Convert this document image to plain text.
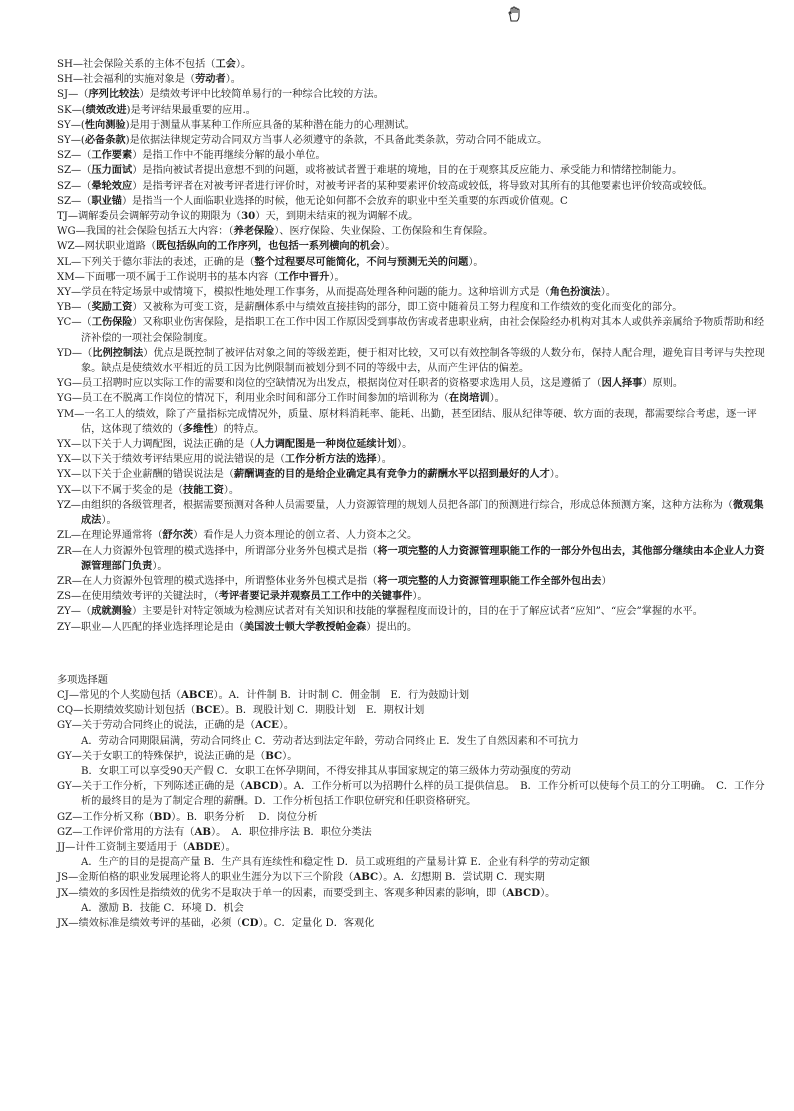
SH—社会保险关系的主体不包括（工会）。

SH—社会福利的实施对象是（劳动者）。

SJ—（序列比较法）是绩效考评中比较简单易行的一种综合比较的方法。

SK—(绩效改进)是考评结果最重要的应用.。

SY—(性向测验)是用于测量从事某种工作所应具备的某种潜在能力的心理测试。

SY—(必备条款)是依据法律规定劳动合同双方当事人必须遵守的条款，不具备此类条款，劳动合同不能成立。

SZ—（工作要素）是指工作中不能再继续分解的最小单位。

SZ—（压力面试）是指向被试者提出意想不到的问题，或将被试者置于难堪的境地，目的在于观察其反应能力、承受能力和情绪控制能力。

SZ—（晕轮效应）是指考评者在对被考评者进行评价时，对被考评者的某种要素评价较高或较低，将导致对其所有的其他要素也评价较高或较低。

SZ—（职业锚）是指当一个人面临职业选择的时候，他无论如何都不会放弃的职业中至关重要的东西或价值观。C

TJ—调解委员会调解劳动争议的期限为（30）天，到期未结束的视为调解不成。

WG—我国的社会保险包括五大内容：（养老保险）、医疗保险、失业保险、工伤保险和生育保险。

WZ—网状职业道路（既包括纵向的工作序列，也包括一系列横向的机会）。

XL—下列关于德尔菲法的表述，正确的是（整个过程要尽可能简化，不问与预测无关的问题）。

XM—下面哪一项不属于工作说明书的基本内容（工作中晋升）。

XY—学员在特定场景中或情境下，模拟性地处理工作事务，从而提高处理各种问题的能力。这种培训方式是（角色扮演法）。

YB—（奖励工资）又被称为可变工资，是薪酬体系中与绩效直接挂钩的部分，即工资中随着员工努力程度和工作绩效的变化而变化的部分。

YC—（工伤保险）又称职业伤害保险，是指职工在工作中因工作原因受到事故伤害或者患职业病，由社会保险经办机构对其本人或供养亲属给予物质帮助和经济补偿的一项社会保险制度。

YD—（比例控制法）优点是既控制了被评估对象之间的等级差距，便于相对比较，又可以有效控制各等级的人数分布，保持人配合理，避免盲目考评与失控现象。缺点是使绩效水平相近的员工因为比例限制而被划分到不同的等级中去，从而产生评估的偏差。

YG—员工招聘时应以实际工作的需要和岗位的空缺情况为出发点，根据岗位对任职者的资格要求选用人员，这是遵循了（因人择事）原则。

YG—员工在不脱离工作岗位的情况下，利用业余时间和部分工作时间参加的培训称为（在岗培训）。

YM—一名工人的绩效，除了产量指标完成情况外，质量、原材料消耗率、能耗、出勤，甚至团结、服从纪律等硬、软方面的表现，都需要综合考虑，逐一评估，这体现了绩效的（多维性）的特点。

YX—以下关于人力调配图，说法正确的是（人力调配图是一种岗位延续计划）。

YX—以下关于绩效考评结果应用的说法错误的是（工作分析方法的选择）。

YX—以下关于企业薪酬的错误说法是（薪酬调查的目的是给企业确定具有竞争力的薪酬水平以招到最好的人才）。

YX—以下不属于奖金的是（技能工资）。

YZ—由组织的各级管理者，根据需要预测对各种人员需要量，人力资源管理的规划人员把各部门的预测进行综合，形成总体预测方案，这种方法称为（微观集成法）。

ZL—在理论界通常将（舒尔茨）看作是人力资本理论的创立者、人力资本之父。

ZR—在人力资源外包管理的模式选择中，所谓部分业务外包模式是指（将一项完整的人力资源管理职能工作的一部分外包出去，其他部分继续由本企业人力资源管理部门负责）。

ZR—在人力资源外包管理的模式选择中，所谓整体业务外包模式是指（将一项完整的人力资源管理职能工作全部外包出去）

ZS—在使用绩效考评的关键法时，（考评者要记录并观察员工工作中的关键事件）。

ZY—（成就测验）主要是针对特定领域为检测应试者对有关知识和技能的掌握程度而设计的，目的在于了解应试者“应知”、“应会”掌握的水平。

ZY—职业—人匹配的择业选择理论是由（美国波士顿大学教授帕金森）提出的。

多项选择题

CJ—常见的个人奖励包括（ABCE）。A．计件制 B．计时制 C．佣金制　E．行为鼓励计划

CQ—长期绩效奖励计划包括（BCE）。B．现股计划 C．期股计划　E．期权计划

GY—关于劳动合同终止的说法，正确的是（ACE）。

A．劳动合同期限届满，劳动合同终止 C．劳动者达到法定年龄，劳动合同终止 E．发生了自然因素和不可抗力

GY—关于女职工的特殊保护，说法正确的是（BC）。

B．女职工可以享受90天产假 C．女职工在怀孕期间，不得安排其从事国家规定的第三级体力劳动强度的劳动

GY—关于工作分析，下列陈述正确的是（ABCD）。A．工作分析可以为招聘什么样的员工提供信息。　B．工作分析可以使每个员工的分工明确。　C．工作分析的最终目的是为了制定合理的薪酬。D．工作分析包括工作职位研究和任职资格研究。

GZ—工作分析又称（BD）。B．职务分析　 D．岗位分析

GZ—工作评价常用的方法有（AB）。　A．职位排序法 B．职位分类法

JJ—计件工资制主要适用于（ABDE）。

A．生产的目的是提高产量 B．生产具有连续性和稳定性 D．员工或班组的产量易计算 E．企业有科学的劳动定额

JS—金斯伯格的职业发展理论将人的职业生涯分为以下三个阶段（ABC）。A．幻想期 B．尝试期 C．现实期

JX—绩效的多因性是指绩效的优劣不是取决于单一的因素，而要受到主、客观多种因素的影响，即（ABCD）。

A．激励 B．技能 C．环境 D．机会

JX—绩效标准是绩效考评的基础，必须（CD）。C．定量化 D．客观化
